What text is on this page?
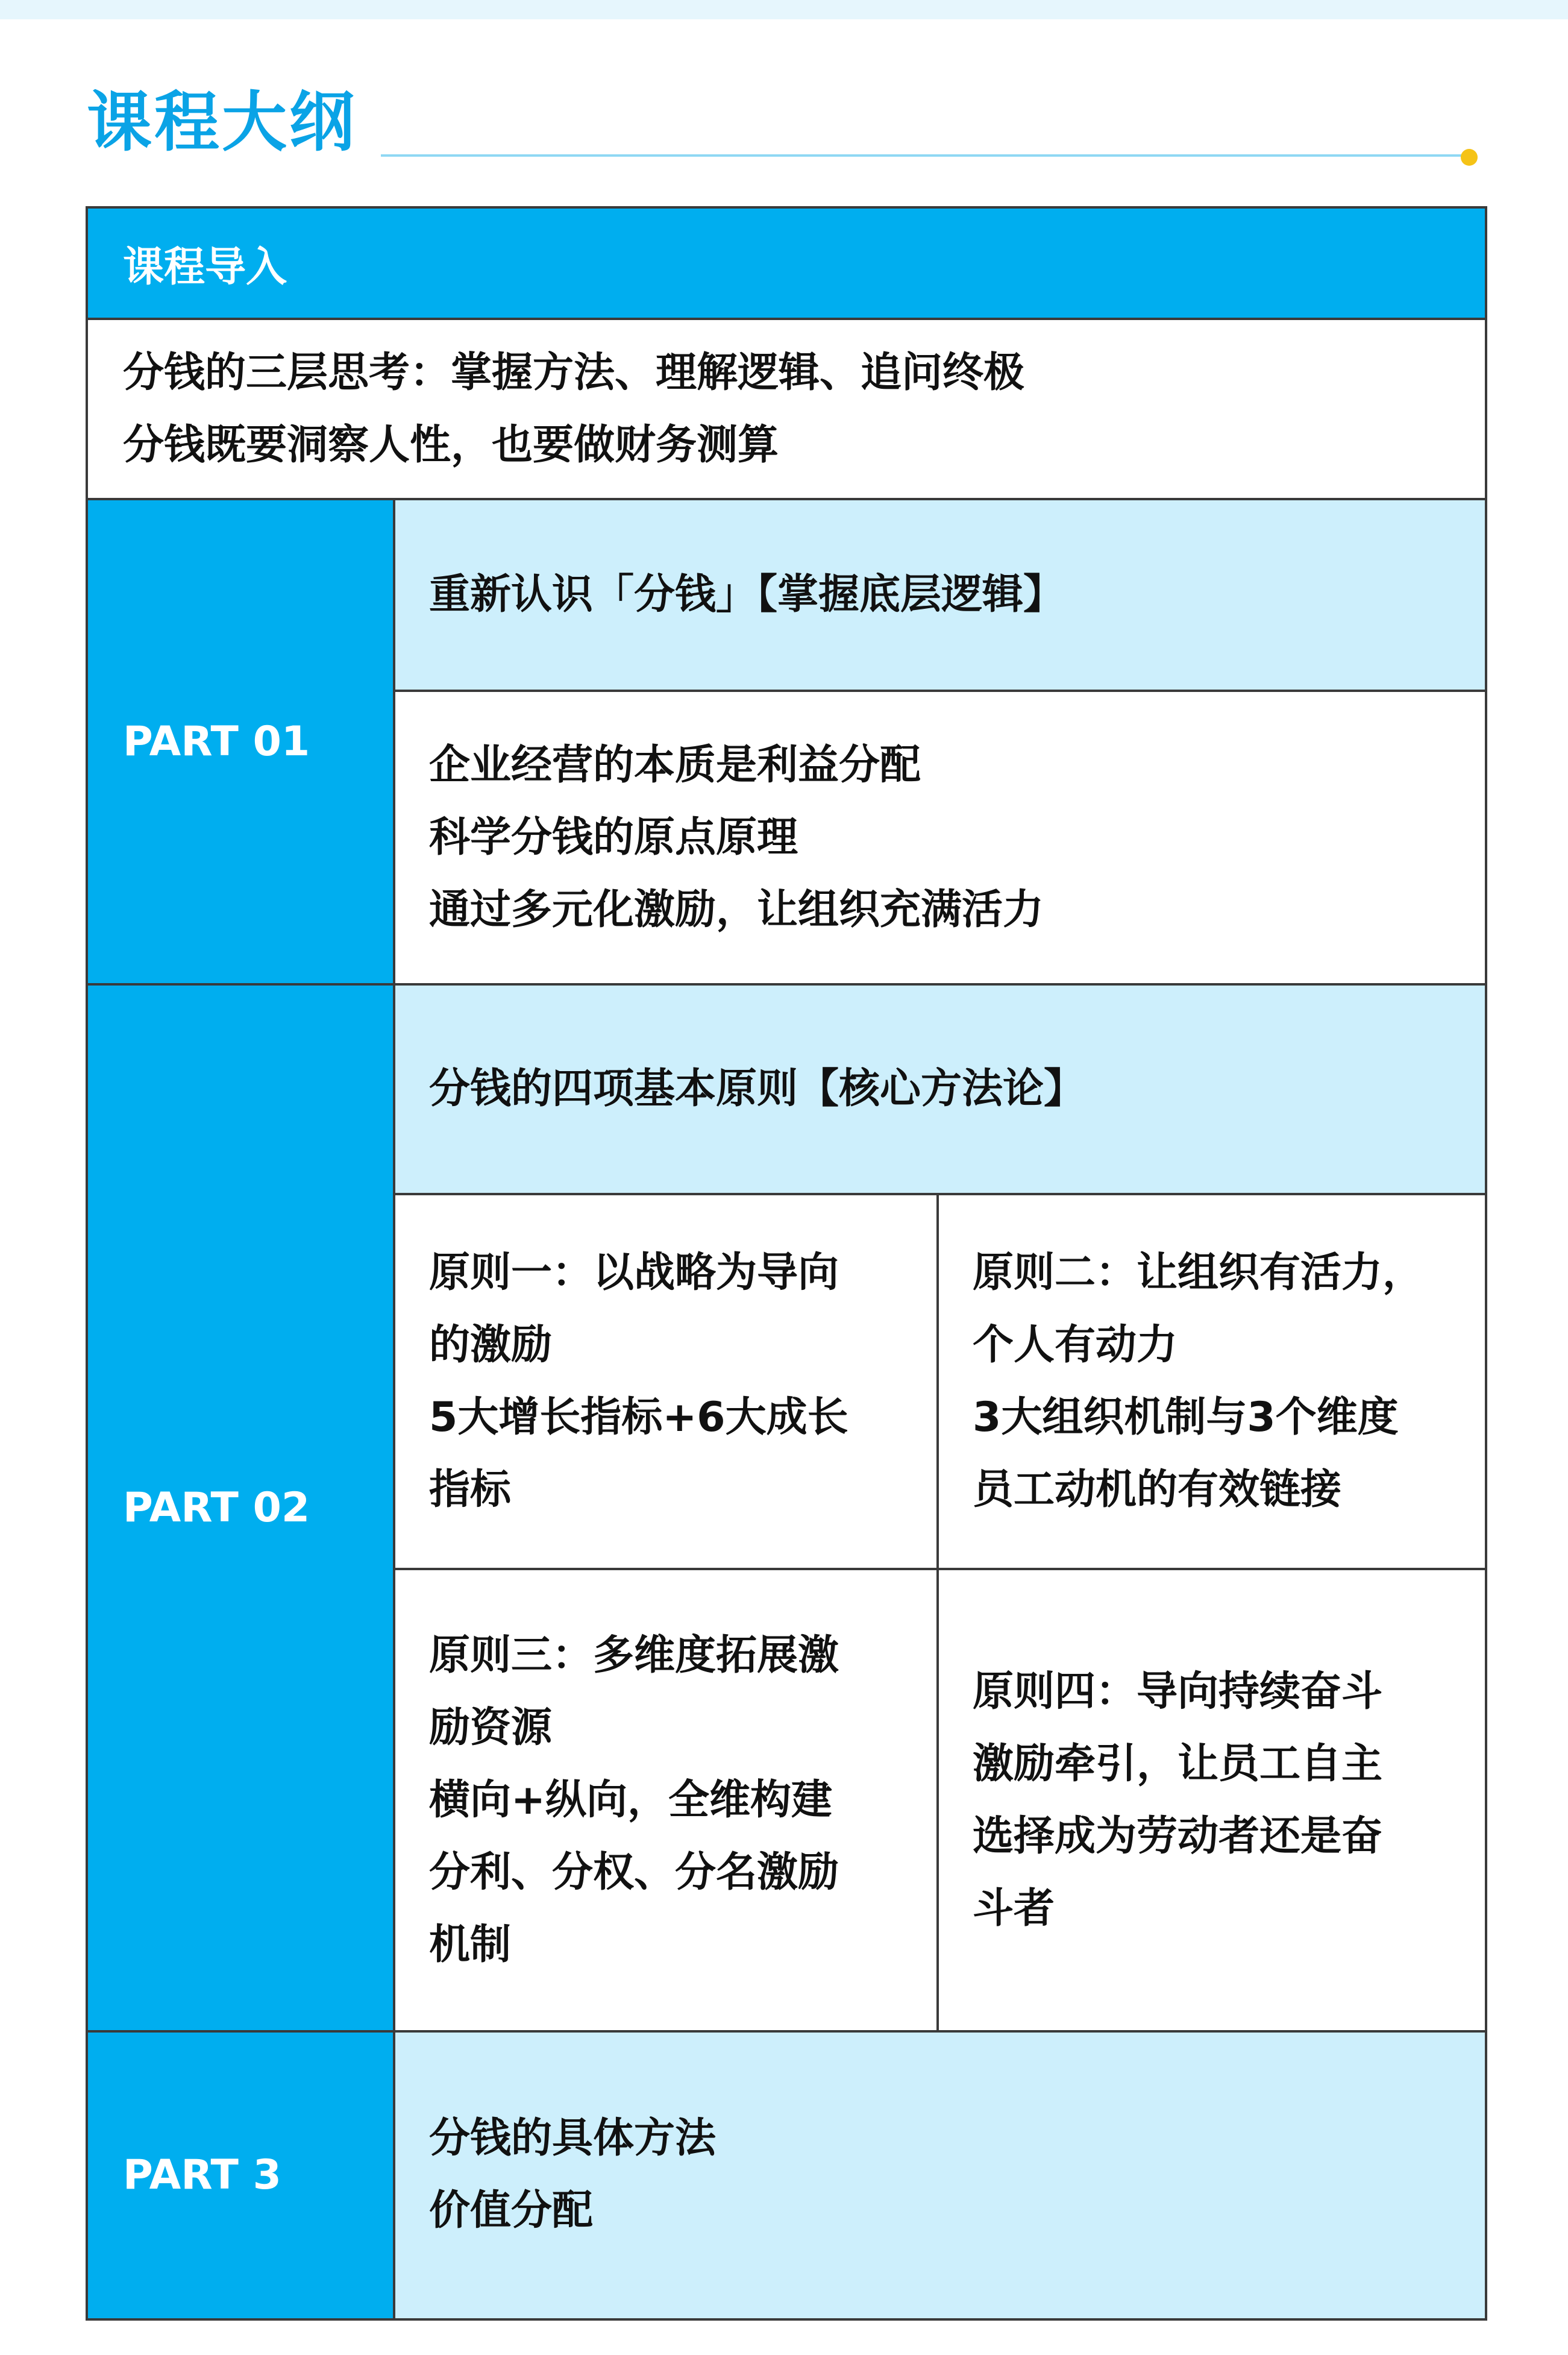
课程大纲
课程导入
分钱的三层思考：掌握方法、理解逻辑、追问终极
分钱既要洞察人性，也要做财务测算
PART 01
重新认识「分钱」【掌握底层逻辑】
企业经营的本质是利益分配
科学分钱的原点原理
通过多元化激励，让组织充满活力
PART 02
分钱的四项基本原则【核心方法论】
原则一：以战略为导向
的激励
5大增长指标+6大成长
指标
原则二：让组织有活力，
个人有动力
3大组织机制与3个维度
员工动机的有效链接
原则三：多维度拓展激
励资源
横向+纵向，全维构建
分利、分权、分名激励
机制
原则四：导向持续奋斗
激励牵引，让员工自主
选择成为劳动者还是奋
斗者
PART 3
分钱的具体方法
价值分配
